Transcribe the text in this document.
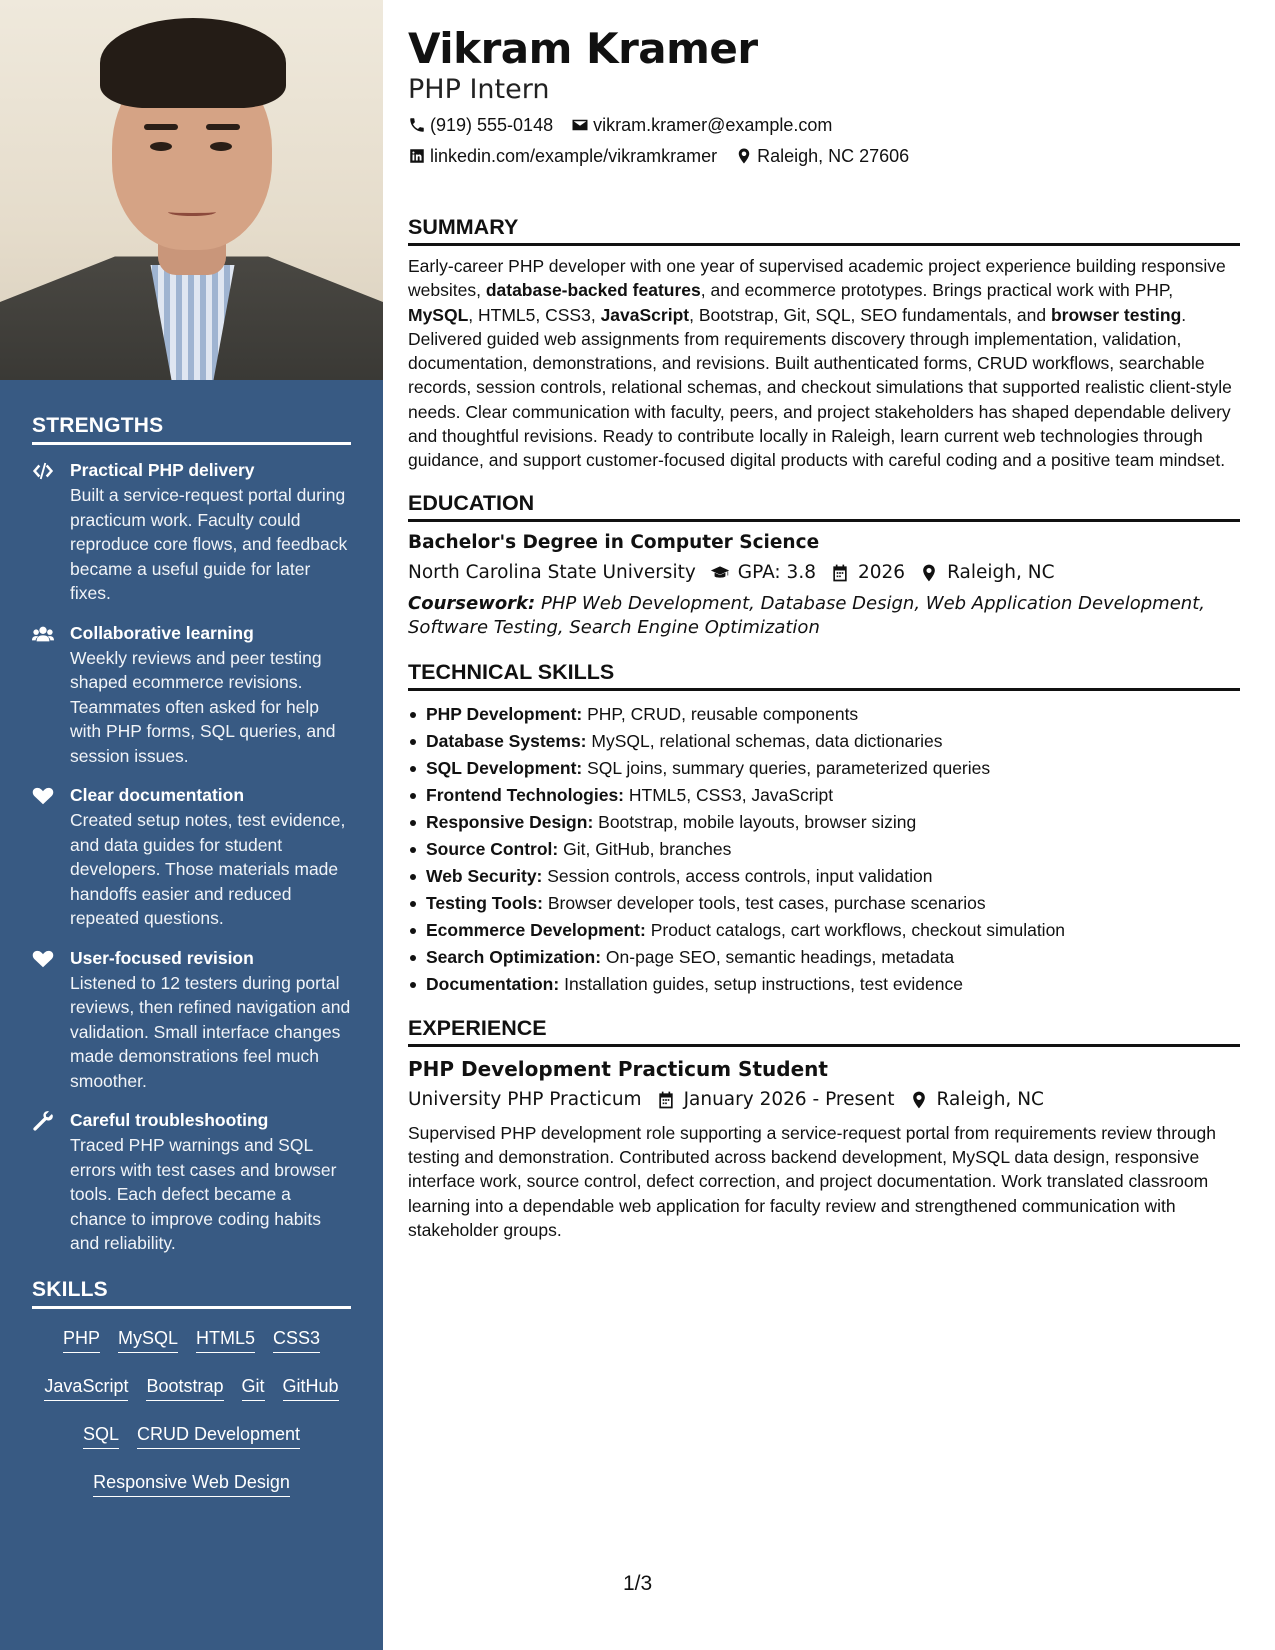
STRENGTHS
Practical PHP delivery
Built a service-request portal during practicum work. Faculty could reproduce core flows, and feedback became a useful guide for later fixes.
Collaborative learning
Weekly reviews and peer testing shaped ecommerce revisions. Teammates often asked for help with PHP forms, SQL queries, and session issues.
Clear documentation
Created setup notes, test evidence, and data guides for student developers. Those materials made handoffs easier and reduced repeated questions.
User-focused revision
Listened to 12 testers during portal reviews, then refined navigation and validation. Small interface changes made demonstrations feel much smoother.
Careful troubleshooting
Traced PHP warnings and SQL errors with test cases and browser tools. Each defect became a chance to improve coding habits and reliability.
SKILLS
PHP MySQL HTML5 CSS3
JavaScript Bootstrap Git GitHub
SQL CRUD Development
Responsive Web Design
Vikram Kramer
PHP Intern
(919) 555-0148 vikram.kramer@example.com
linkedin.com/example/vikramkramer Raleigh, NC 27606
SUMMARY

Early-career PHP developer with one year of supervised academic project experience building responsive websites, database-backed features, and ecommerce prototypes. Brings practical work with PHP, MySQL, HTML5, CSS3, JavaScript, Bootstrap, Git, SQL, SEO fundamentals, and browser testing. Delivered guided web assignments from requirements discovery through implementation, validation, documentation, demonstrations, and revisions. Built authenticated forms, CRUD workflows, searchable records, session controls, relational schemas, and checkout simulations that supported realistic client-style needs. Clear communication with faculty, peers, and project stakeholders has shaped dependable delivery and thoughtful revisions. Ready to contribute locally in Raleigh, learn current web technologies through guidance, and support customer-focused digital products with careful coding and a positive team mindset.

EDUCATION
Bachelor's Degree in Computer Science
North Carolina State University GPA: 3.8 2026 Raleigh, NC
Coursework: PHP Web Development, Database Design, Web Application Development, Software Testing, Search Engine Optimization
TECHNICAL SKILLS
PHP Development: PHP, CRUD, reusable components
Database Systems: MySQL, relational schemas, data dictionaries
SQL Development: SQL joins, summary queries, parameterized queries
Frontend Technologies: HTML5, CSS3, JavaScript
Responsive Design: Bootstrap, mobile layouts, browser sizing
Source Control: Git, GitHub, branches
Web Security: Session controls, access controls, input validation
Testing Tools: Browser developer tools, test cases, purchase scenarios
Ecommerce Development: Product catalogs, cart workflows, checkout simulation
Search Optimization: On-page SEO, semantic headings, metadata
Documentation: Installation guides, setup instructions, test evidence
EXPERIENCE
PHP Development Practicum Student
University PHP Practicum January 2026 - Present Raleigh, NC

Supervised PHP development role supporting a service-request portal from requirements review through testing and demonstration. Contributed across backend development, MySQL data design, responsive interface work, source control, defect correction, and project documentation. Work translated classroom learning into a dependable web application for faculty review and strengthened communication with stakeholder groups.

1/3
